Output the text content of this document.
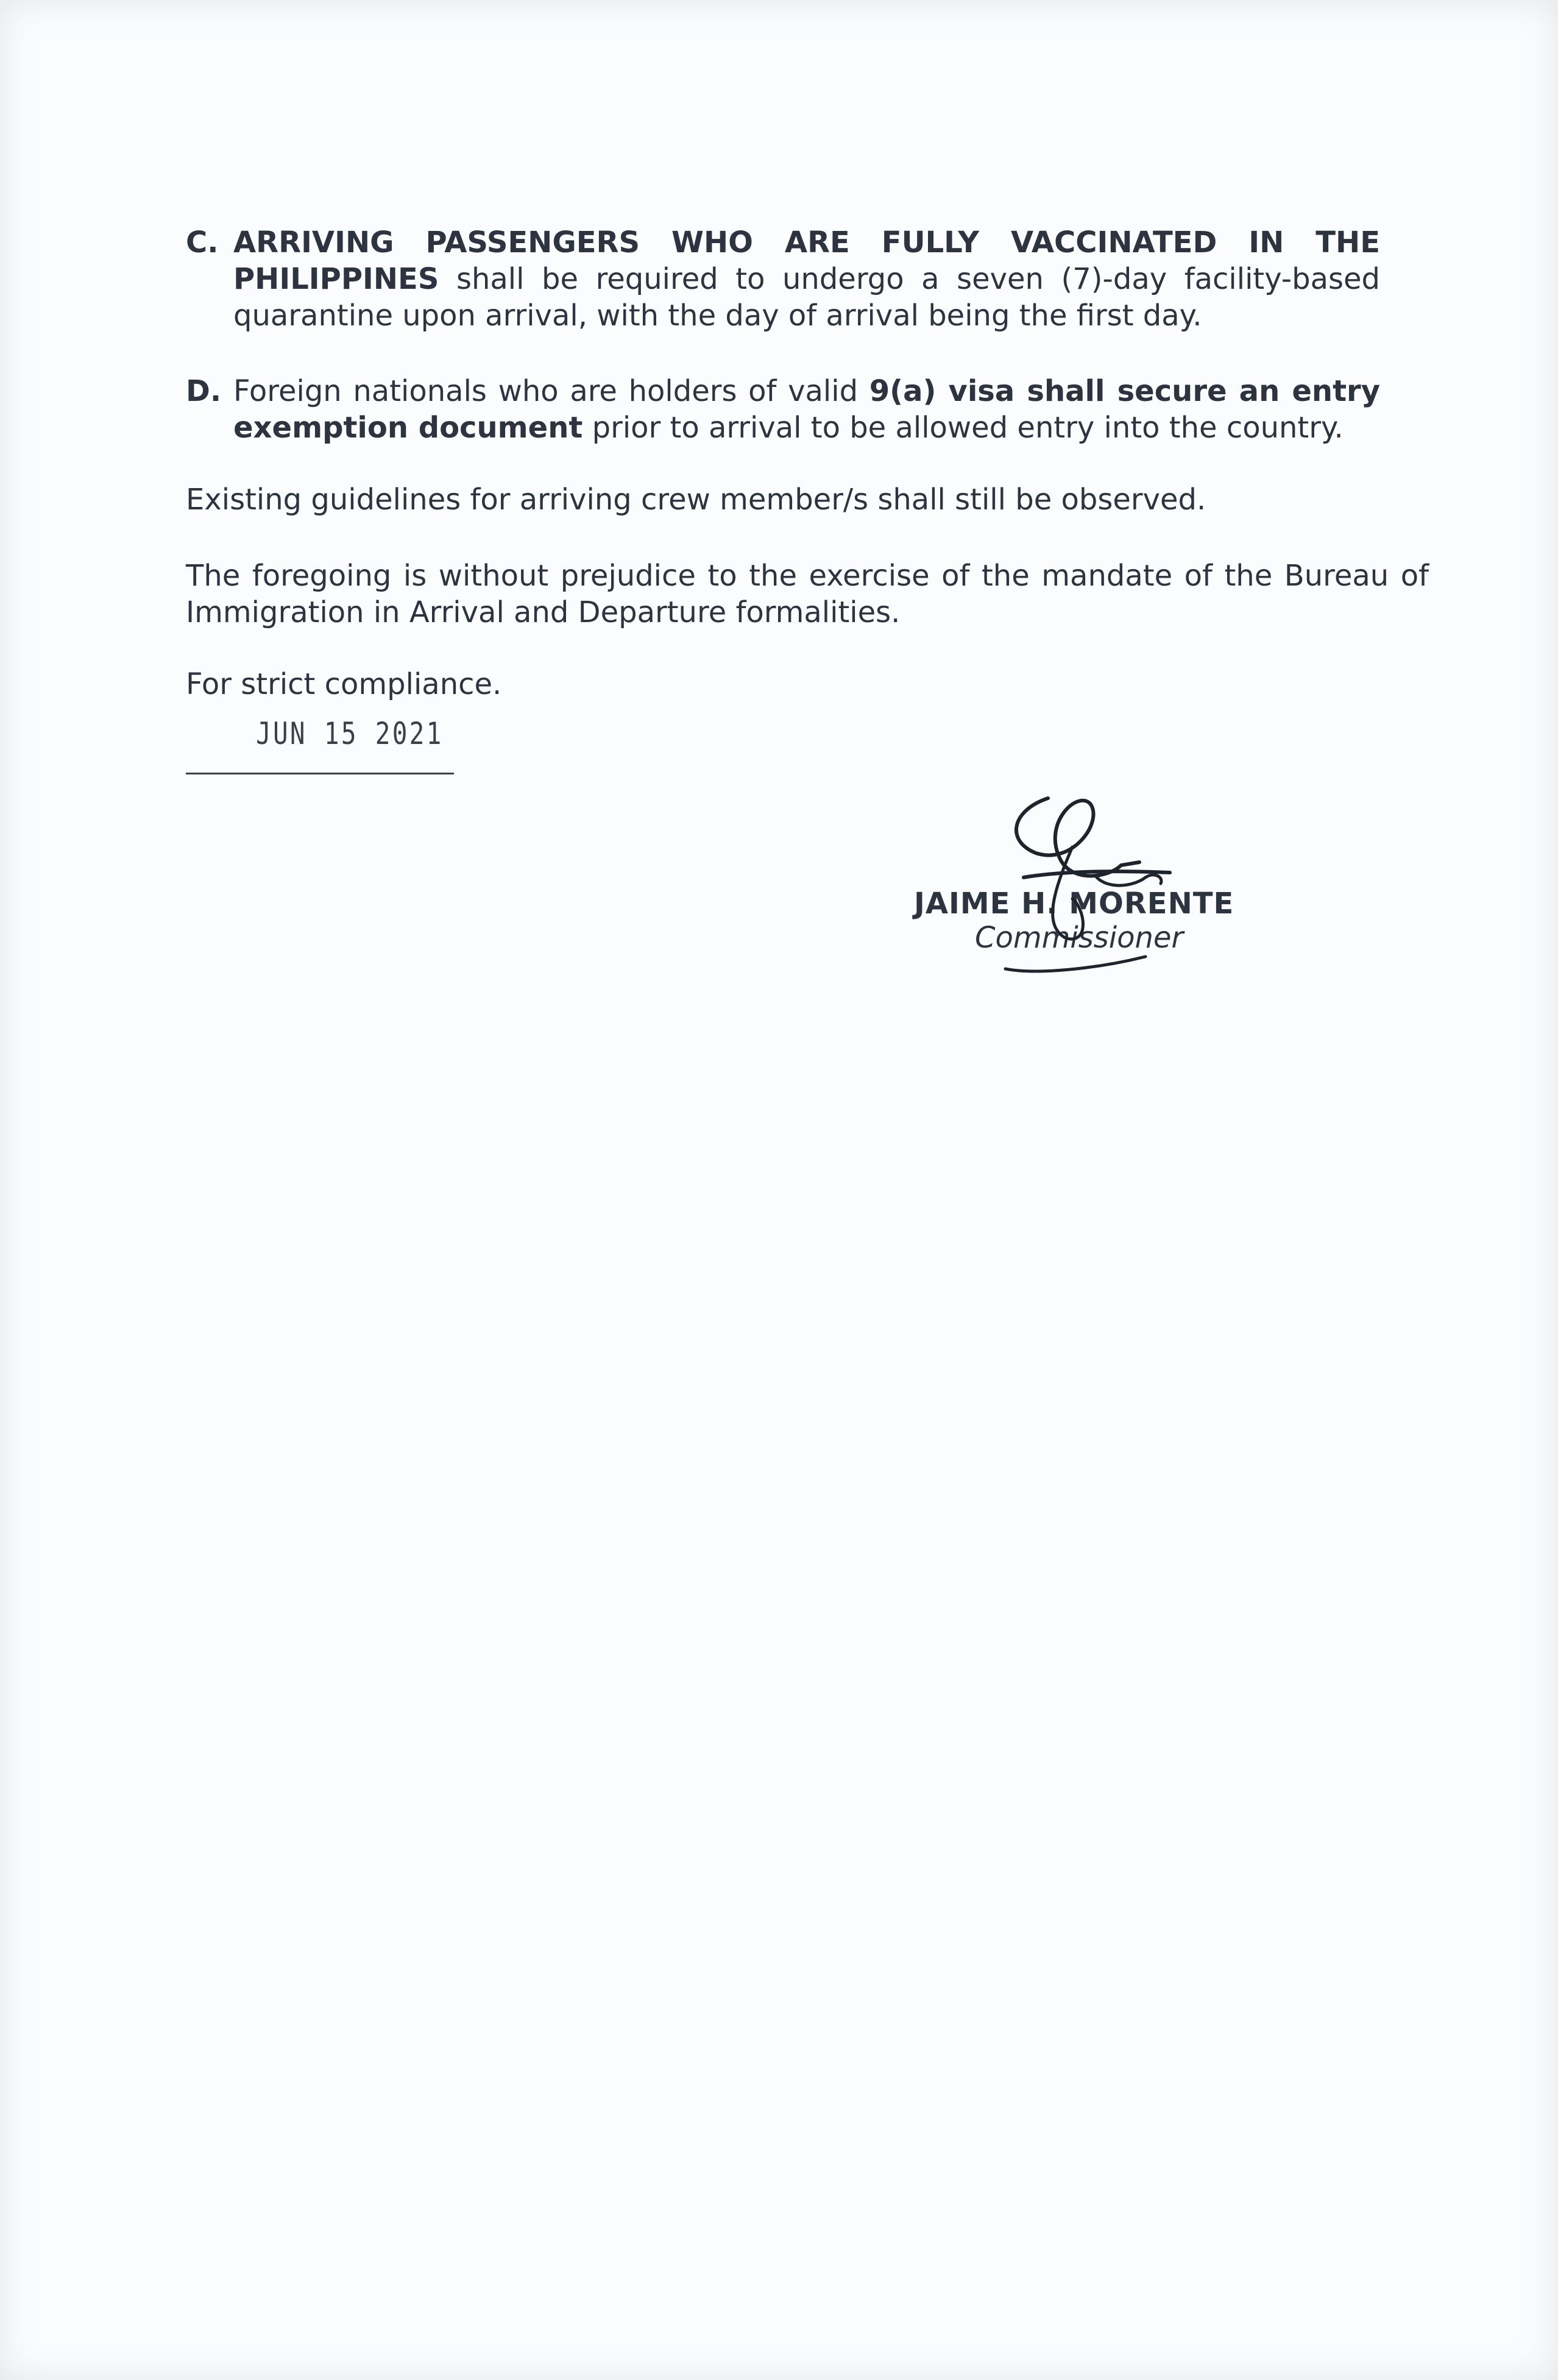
C. ARRIVING PASSENGERS WHO ARE FULLY VACCINATED IN THE PHILIPPINES shall be required to undergo a seven (7)-day facility-based quarantine upon arrival, with the day of arrival being the first day.
D. Foreign nationals who are holders of valid 9(a) visa shall secure an entry exemption document prior to arrival to be allowed entry into the country.
Existing guidelines for arriving crew member/s shall still be observed.
The foregoing is without prejudice to the exercise of the mandate of the Bureau of Immigration in Arrival and Departure formalities.
For strict compliance.
JUN 15 2021
JAIME H. MORENTE
Commissioner
